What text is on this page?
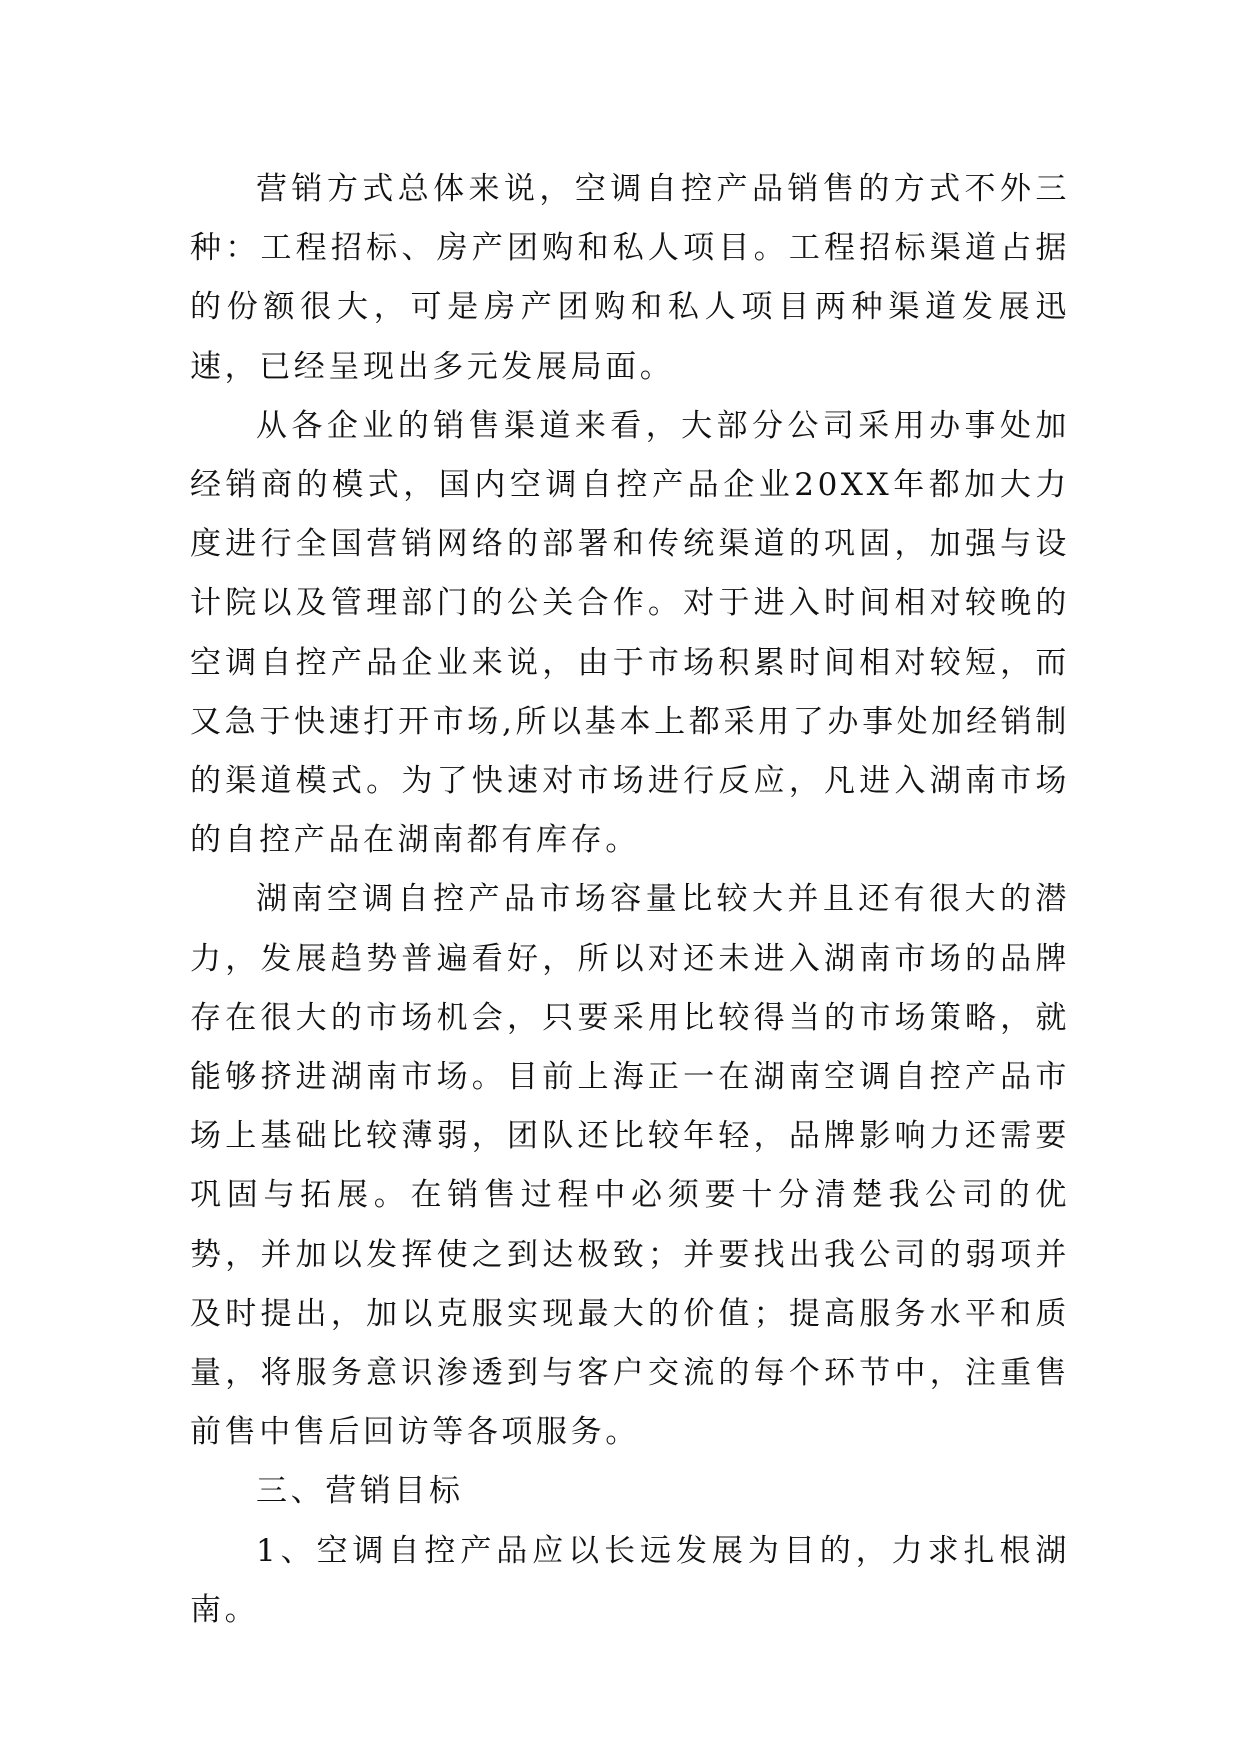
营销方式总体来说，空调自控产品销售的方式不外三种：工程招标、房产团购和私人项目。工程招标渠道占据的份额很大，可是房产团购和私人项目两种渠道发展迅速，已经呈现出多元发展局面。

从各企业的销售渠道来看，大部分公司采用办事处加经销商的模式，国内空调自控产品企业20XX年都加大力度进行全国营销网络的部署和传统渠道的巩固，加强与设计院以及管理部门的公关合作。对于进入时间相对较晚的空调自控产品企业来说，由于市场积累时间相对较短，而又急于快速打开市场,所以基本上都采用了办事处加经销制的渠道模式。为了快速对市场进行反应，凡进入湖南市场的自控产品在湖南都有库存。

湖南空调自控产品市场容量比较大并且还有很大的潜力，发展趋势普遍看好，所以对还未进入湖南市场的品牌存在很大的市场机会，只要采用比较得当的市场策略，就能够挤进湖南市场。目前上海正一在湖南空调自控产品市场上基础比较薄弱，团队还比较年轻，品牌影响力还需要巩固与拓展。在销售过程中必须要十分清楚我公司的优势，并加以发挥使之到达极致；并要找出我公司的弱项并及时提出，加以克服实现最大的价值；提高服务水平和质量，将服务意识渗透到与客户交流的每个环节中，注重售前售中售后回访等各项服务。

三、营销目标

1、空调自控产品应以长远发展为目的，力求扎根湖南。
